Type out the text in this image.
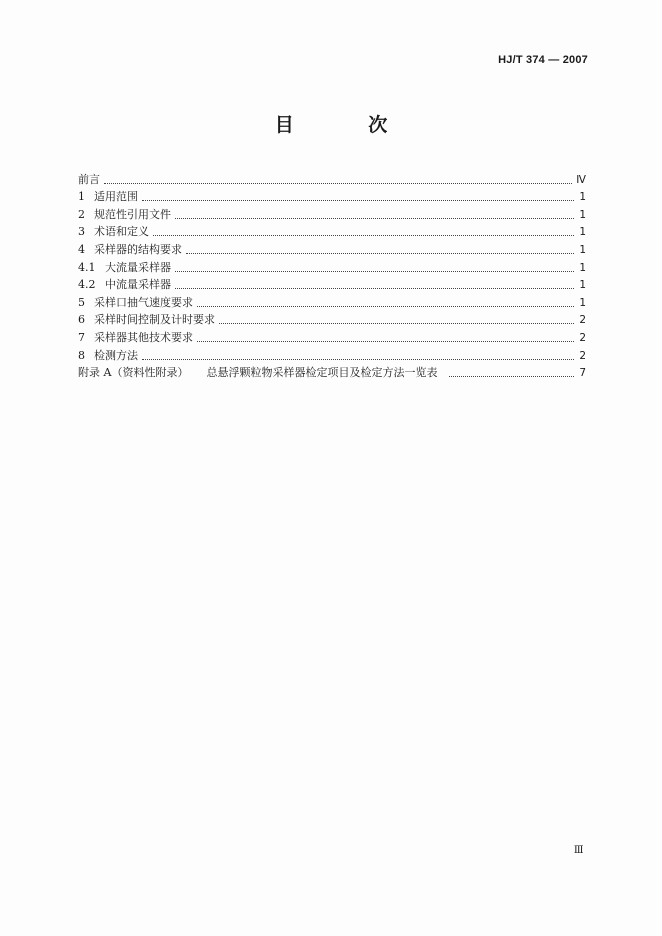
HJ/T 374 — 2007
目 次
前言	Ⅳ
1 适用范围	1
2 规范性引用文件	1
3 术语和定义	1
4 采样器的结构要求	1
4.1 大流量采样器	1
4.2 中流量采样器	1
5 采样口抽气速度要求	1
6 采样时间控制及计时要求	2
7 采样器其他技术要求	2
8 检测方法	2
附录 A（资料性附录） 总悬浮颗粒物采样器检定项目及检定方法一览表	7
Ⅲ
